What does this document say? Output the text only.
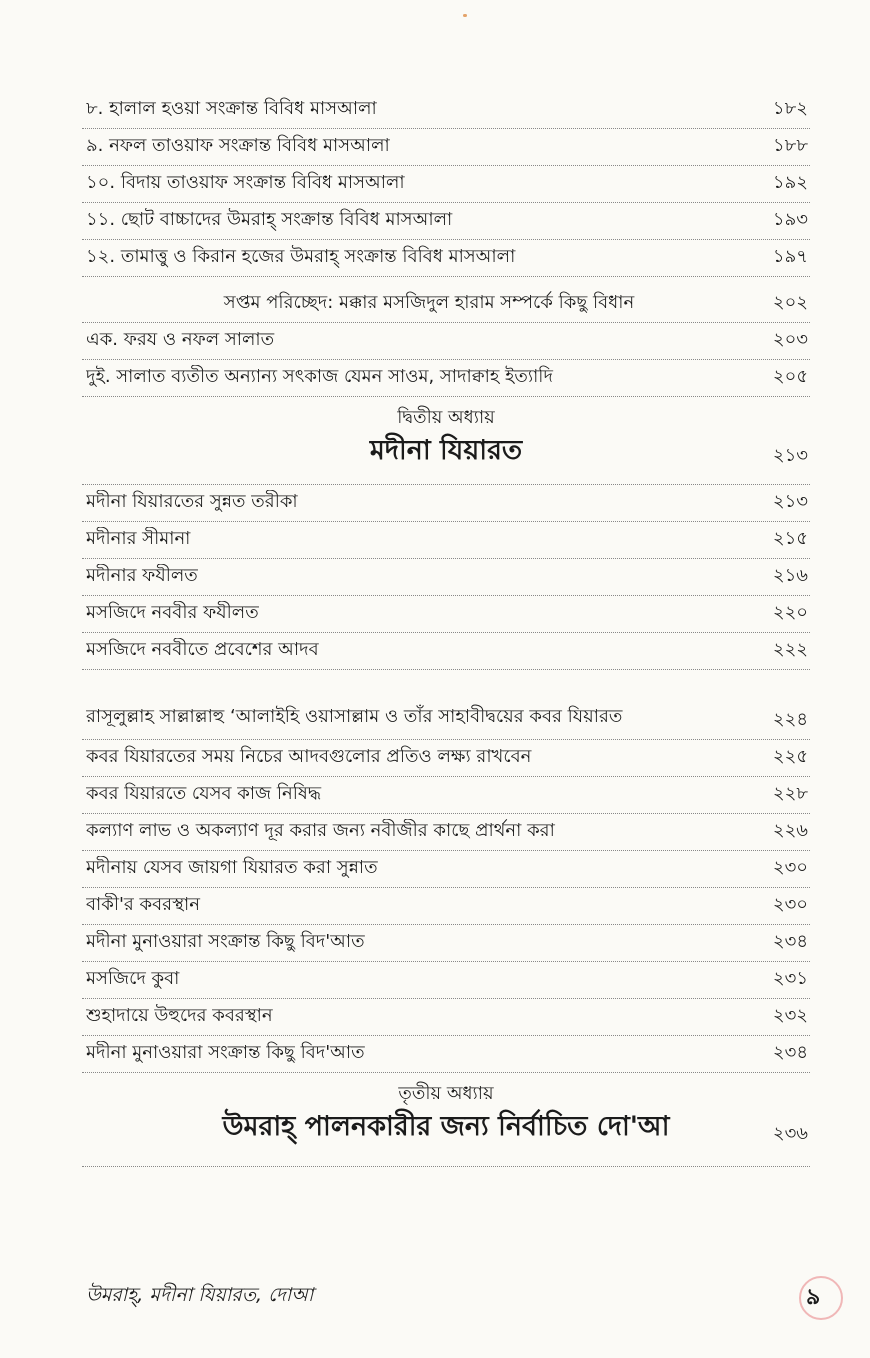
৮. হালাল হওয়া সংক্রান্ত বিবিধ মাসআলা	১৮২
৯. নফল তাওয়াফ সংক্রান্ত বিবিধ মাসআলা	১৮৮
১০. বিদায় তাওয়াফ সংক্রান্ত বিবিধ মাসআলা	১৯২
১১. ছোট বাচ্চাদের উমরাহ্‌ সংক্রান্ত বিবিধ মাসআলা	১৯৩
১২. তামাত্তু ও কিরান হজের উমরাহ্‌ সংক্রান্ত বিবিধ মাসআলা	১৯৭
সপ্তম পরিচ্ছেদ: মক্কার মসজিদুল হারাম সম্পর্কে কিছু বিধান	২০২
এক. ফরয ও নফল সালাত	২০৩
দুই. সালাত ব্যতীত অন্যান্য সৎকাজ যেমন সাওম, সাদাক্বাহ ইত্যাদি	২০৫
দ্বিতীয় অধ্যায়
মদীনা যিয়ারত	২১৩
মদীনা যিয়ারতের সুন্নত তরীকা	২১৩
মদীনার সীমানা	২১৫
মদীনার ফযীলত	২১৬
মসজিদে নববীর ফযীলত	২২০
মসজিদে নববীতে প্রবেশের আদব	২২২
রাসূলুল্লাহ সাল্লাল্লাহু ‘আলাইহি ওয়াসাল্লাম ও তাঁর সাহাবীদ্বয়ের কবর যিয়ারত	২২৪
কবর যিয়ারতের সময় নিচের আদবগুলোর প্রতিও লক্ষ্য রাখবেন	২২৫
কবর যিয়ারতে যেসব কাজ নিষিদ্ধ	২২৮
কল্যাণ লাভ ও অকল্যাণ দূর করার জন্য নবীজীর কাছে প্রার্থনা করা	২২৬
মদীনায় যেসব জায়গা যিয়ারত করা সুন্নাত	২৩০
বাকী'র কবরস্থান	২৩০
মদীনা মুনাওয়ারা সংক্রান্ত কিছু বিদ'আত	২৩৪
মসজিদে কুবা	২৩১
শুহাদায়ে উহুদের কবরস্থান	২৩২
মদীনা মুনাওয়ারা সংক্রান্ত কিছু বিদ'আত	২৩৪
তৃতীয় অধ্যায়
উমরাহ্‌ পালনকারীর জন্য নির্বাচিত দো'আ	২৩৬
উমরাহ্‌, মদীনা যিয়ারত, দোআ	৯
